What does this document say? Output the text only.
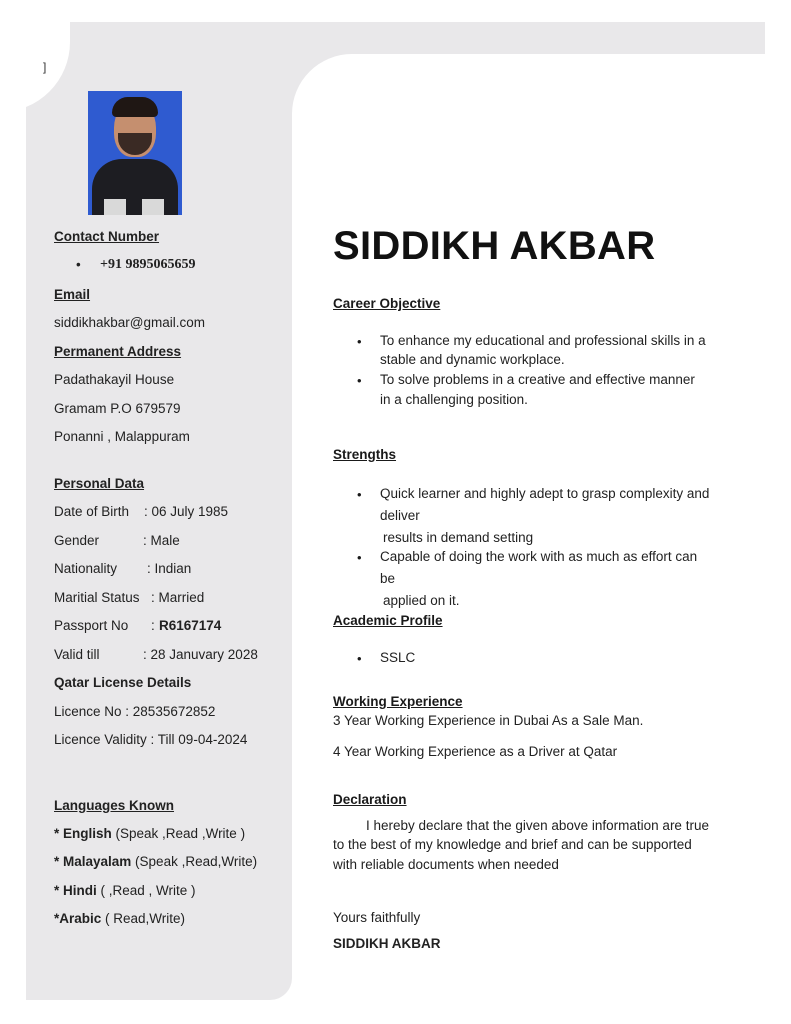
]
Contact Number
• +91 9895065659
Email
siddikhakbar@gmail.com
Permanent Address
Padathakayil House
Gramam P.O 679579
Ponanni , Malappuram
Personal Data
Date of Birth : 06 July 1985
Gender	: Male
Nationality : Indian
Maritial Status : Married
Passport No : R6167174
Valid till	: 28 Januvary 2028
Qatar License Details
Licence No : 28535672852
Licence Validity : Till 09-04-2024
Languages Known
* English (Speak ,Read ,Write )
* Malayalam (Speak ,Read,Write)
* Hindi ( ,Read , Write )
*Arabic ( Read,Write)
SIDDIKH AKBAR
Career Objective
• To enhance my educational and professional skills in a
stable and dynamic workplace.
• To solve problems in a creative and effective manner
in a challenging position.
Strengths
• Quick learner and highly adept to grasp complexity and
deliver
results in demand setting
• Capable of doing the work with as much as effort can
be
applied on it.
Academic Profile
• SSLC
Working Experience
3 Year Working Experience in Dubai As a Sale Man.
4 Year Working Experience as a Driver at Qatar
Declaration
I hereby declare that the given above information are true
to the best of my knowledge and brief and can be supported
with reliable documents when needed
Yours faithfully
SIDDIKH AKBAR
